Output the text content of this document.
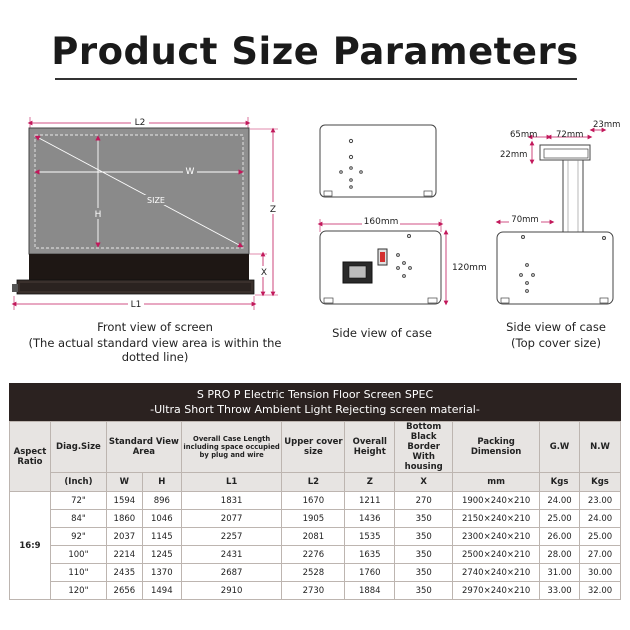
Product Size Parameters
L2
SIZE
W
H	Z
X
L1
160mm
120mm
65mm 72mm
23mm
22mm
70mm
Front view of screen
(The actual standard view area is within the dotted line)
Side view of case	Side view of case
(Top cover size)
S PRO P Electric Tension Floor Screen SPEC
-Ultra Short Throw Ambient Light Rejecting screen material-
Aspect Ratio	Diag.Size	Standard View Area		Overall Case Length including space occupied by plug and wire	Upper cover size	Overall Height	Bottom Black Border With housing	Packing Dimension	G.W	N.W
	(Inch)	W	H	L1	L2	Z	X	mm	Kgs	Kgs
16:9	72"	1594	896	1831	1670	1211	270	1900×240×210	24.00	23.00
	84"	1860	1046	2077	1905	1436	350	2150×240×210	25.00	24.00
	92"	2037	1145	2257	2081	1535	350	2300×240×210	26.00	25.00
	100"	2214	1245	2431	2276	1635	350	2500×240×210	28.00	27.00
	110"	2435	1370	2687	2528	1760	350	2740×240×210	31.00	30.00
	120"	2656	1494	2910	2730	1884	350	2970×240×210	33.00	32.00
